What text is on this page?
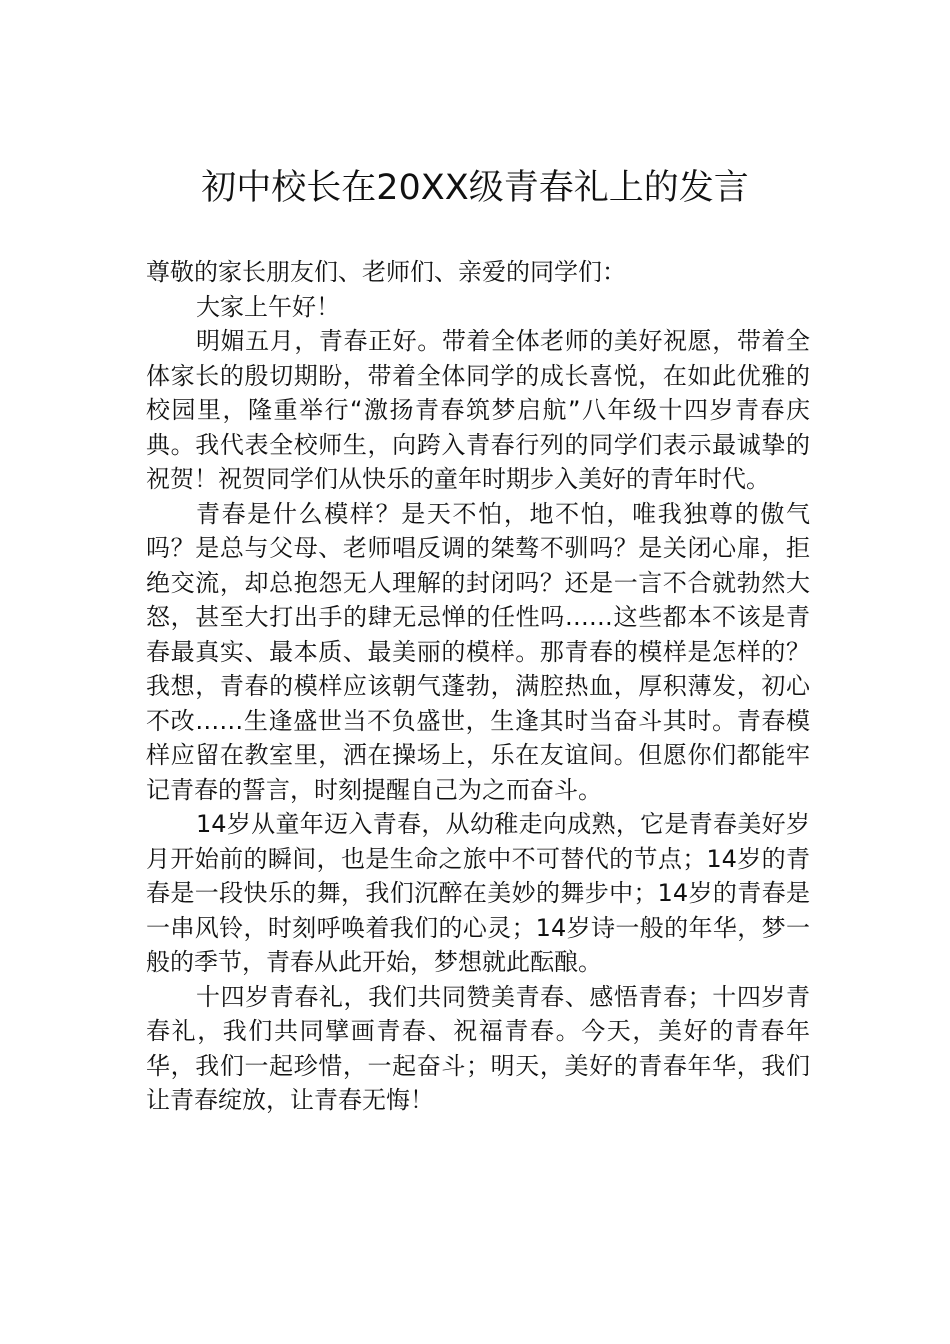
初中校长在20XX级青春礼上的发言

尊敬的家长朋友们、老师们、亲爱的同学们：

大家上午好！

明媚五月，青春正好。带着全体老师的美好祝愿，带着全体家长的殷切期盼，带着全体同学的成长喜悦，在如此优雅的校园里，隆重举行“激扬青春筑梦启航”八年级十四岁青春庆典。我代表全校师生，向跨入青春行列的同学们表示最诚挚的祝贺！祝贺同学们从快乐的童年时期步入美好的青年时代。

青春是什么模样？是天不怕，地不怕，唯我独尊的傲气吗？是总与父母、老师唱反调的桀骜不驯吗？是关闭心扉，拒绝交流，却总抱怨无人理解的封闭吗？还是一言不合就勃然大怒，甚至大打出手的肆无忌惮的任性吗……这些都本不该是青春最真实、最本质、最美丽的模样。那青春的模样是怎样的？我想，青春的模样应该朝气蓬勃，满腔热血，厚积薄发，初心不改……生逢盛世当不负盛世，生逢其时当奋斗其时。青春模样应留在教室里，洒在操场上，乐在友谊间。但愿你们都能牢记青春的誓言，时刻提醒自己为之而奋斗。

14岁从童年迈入青春，从幼稚走向成熟，它是青春美好岁月开始前的瞬间，也是生命之旅中不可替代的节点；14岁的青春是一段快乐的舞，我们沉醉在美妙的舞步中；14岁的青春是一串风铃，时刻呼唤着我们的心灵；14岁诗一般的年华，梦一般的季节，青春从此开始，梦想就此酝酿。

十四岁青春礼，我们共同赞美青春、感悟青春；十四岁青春礼，我们共同擘画青春、祝福青春。今天，美好的青春年华，我们一起珍惜，一起奋斗；明天，美好的青春年华，我们让青春绽放，让青春无悔！
